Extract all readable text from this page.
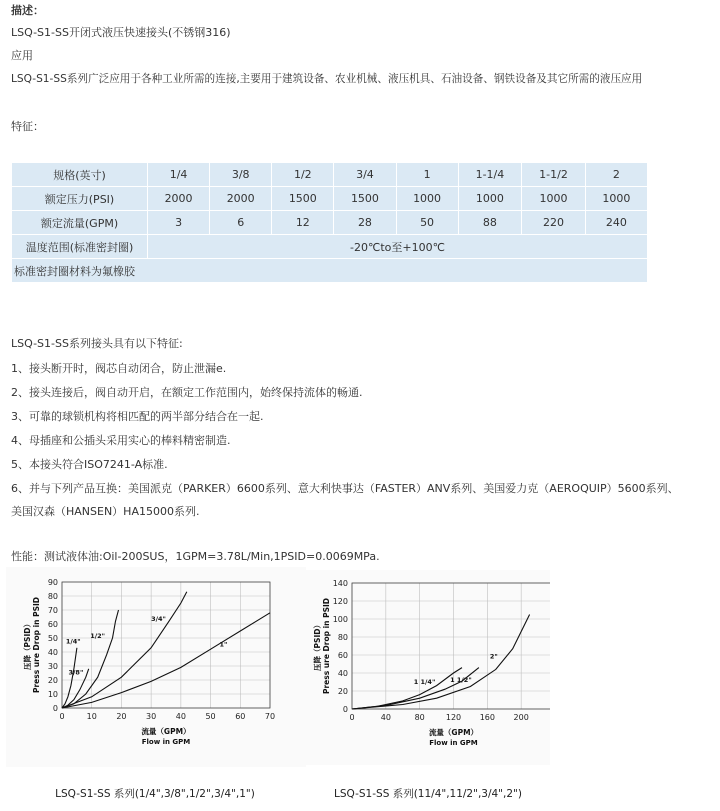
描述：
LSQ-S1-SS开闭式液压快速接头(不锈钢316)
应用
LSQ-S1-SS系列广泛应用于各种工业所需的连接,主要用于建筑设备、农业机械、液压机具、石油设备、钢铁设备及其它所需的液压应用
特征：
规格(英寸)	1/4	3/8	1/2	3/4	1	1-1/4	1-1/2	2
额定压力(PSI)	2000	2000	1500	1500	1000	1000	1000	1000
额定流量(GPM)	3	6	12	28	50	88	220	240
温度范围(标准密封圈)	-20℃to至+100℃							
标准密封圈材料为氟橡胶								
LSQ-S1-SS系列接头具有以下特征:
1、接头断开时，阀芯自动闭合，防止泄漏e.
2、接头连接后，阀自动开启，在额定工作范围内，始终保持流体的畅通.
3、可靠的球锁机构将相匹配的两半部分结合在一起.
4、母插座和公插头采用实心的棒料精密制造.
5、本接头符合ISO7241-A标准.
6、并与下列产品互换：美国派克（PARKER）6600系列、意大利快事达（FASTER）ANV系列、美国爱力克（AEROQUIP）5600系列、
美国汉森（HANSEN）HA15000系列.
性能：测试液体油:Oil-200SUS，1GPM=3.78L/Min,1PSID=0.0069MPa.
0
10
20
30
40
50
60
70
80
90
0	10 20 30 40 50 60 70
1/4"
3/8"
1/2"
3/4"
1"
压降（PSID） Press ure Drop in PSID
流量（GPM）
Flow in GPM
LSQ-S1-SS 系列(1/4",3/8",1/2",3/4",1")
0
20
40
60
80
100
120
140
0	40	80	120 160 200
1 1/4" 1 1/2"
2"
压降（PSID） Press ure Drop in PSID
流量（GPM）
Flow in GPM
LSQ-S1-SS 系列(11/4",11/2",3/4",2")
